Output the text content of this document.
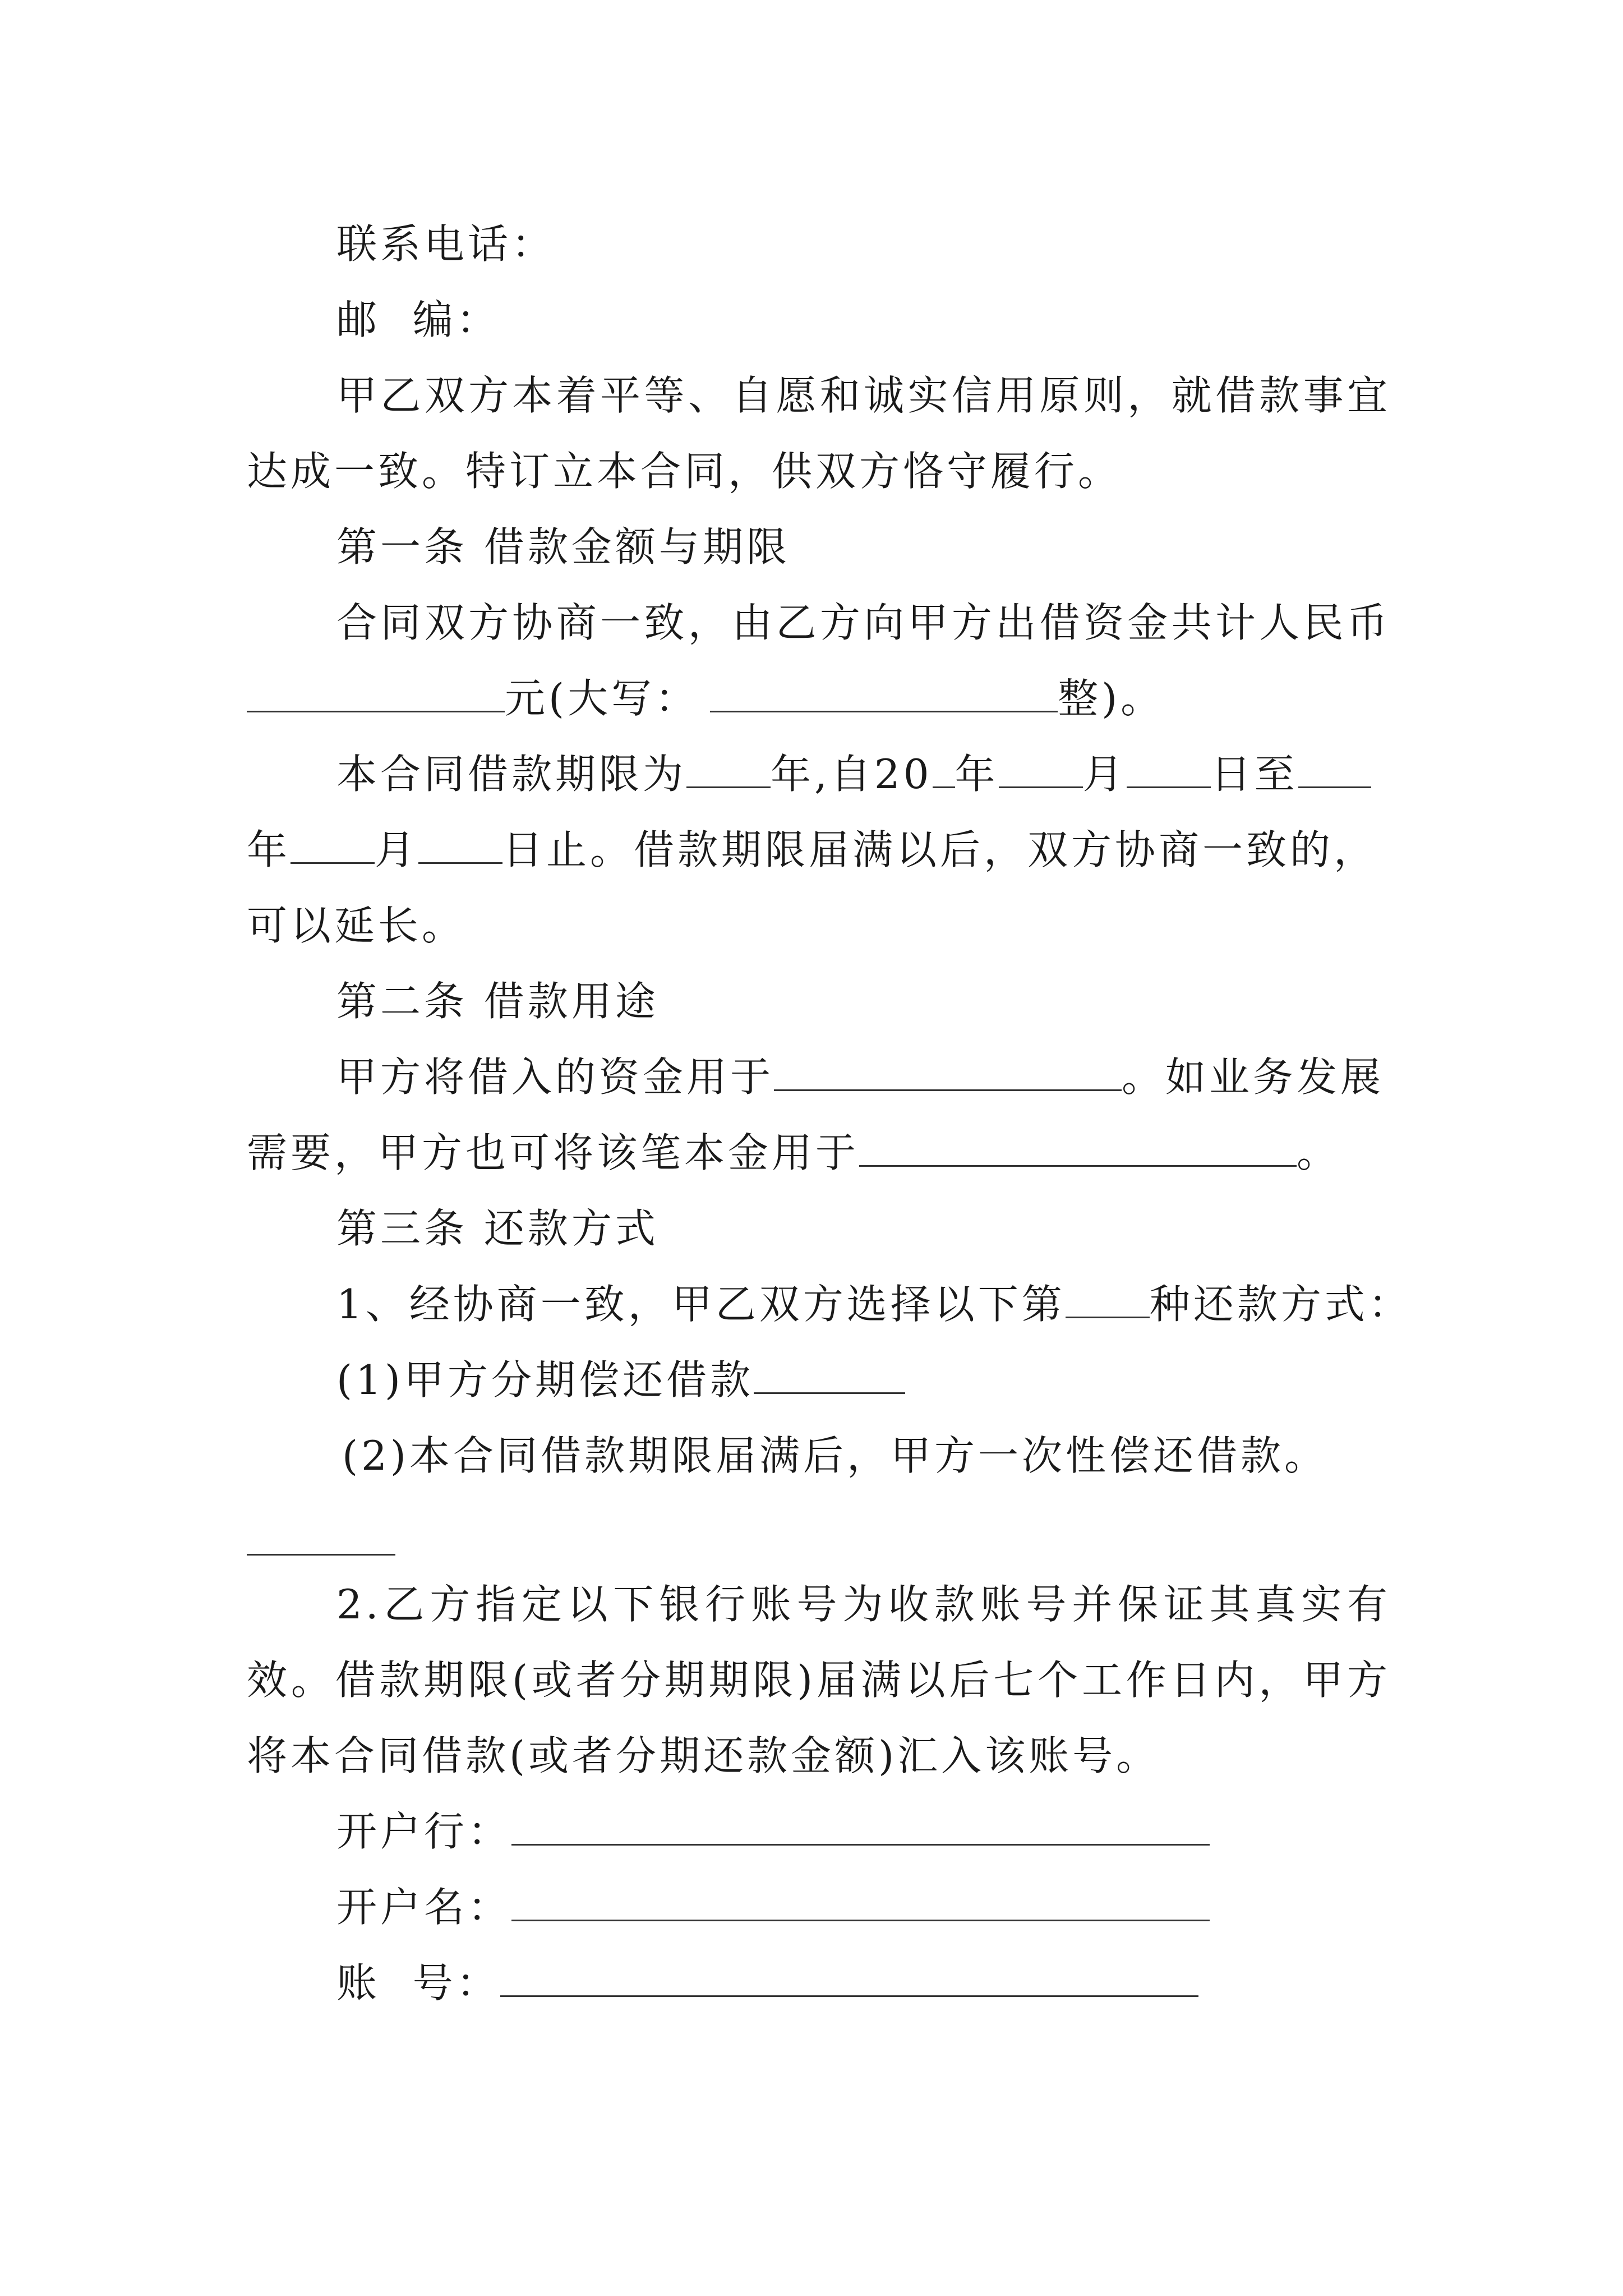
联系电话：
邮  编：
甲乙双方本着平等、自愿和诚实信用原则，就借款事宜
达成一致。特订立本合同，供双方恪守履行。
第一条 借款金额与期限
合同双方协商一致，由乙方向甲方出借资金共计人民币
元(大写：	整)。
本合同借款期限为 年,自20 年 月 日至
年 月 日止。借款期限届满以后，双方协商一致的，
可以延长。
第二条 借款用途
甲方将借入的资金用于	。如业务发展
需要，甲方也可将该笔本金用于	。
第三条 还款方式
1、经协商一致，甲乙双方选择以下第 种还款方式：
(1)甲方分期偿还借款
(2)本合同借款期限届满后，甲方一次性偿还借款。
2.乙方指定以下银行账号为收款账号并保证其真实有
效。借款期限(或者分期期限)届满以后七个工作日内，甲方
将本合同借款(或者分期还款金额)汇入该账号。
开户行：
开户名：
账  号：
